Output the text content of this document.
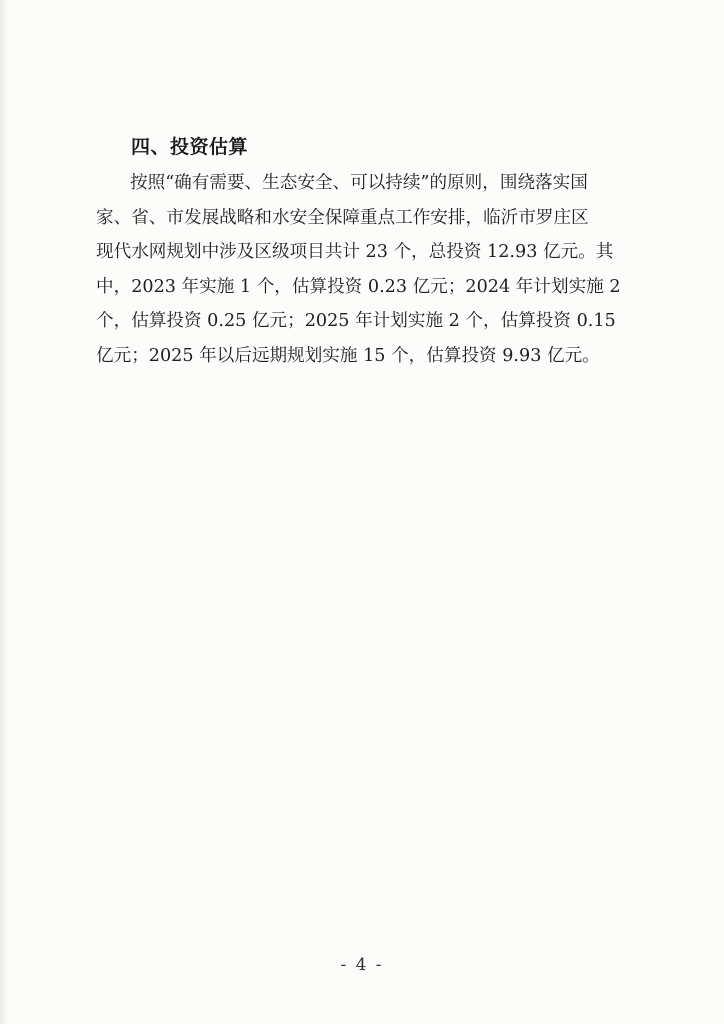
四、投资估算
按照“确有需要、生态安全、可以持续”的原则，围绕落实国
家、省、市发展战略和水安全保障重点工作安排，临沂市罗庄区
现代水网规划中涉及区级项目共计 23 个，总投资 12.93 亿元。其
中，2023 年实施 1 个，估算投资 0.23 亿元；2024 年计划实施 2
个，估算投资 0.25 亿元；2025 年计划实施 2 个，估算投资 0.15
亿元；2025 年以后远期规划实施 15 个，估算投资 9.93 亿元。
- 4 -
